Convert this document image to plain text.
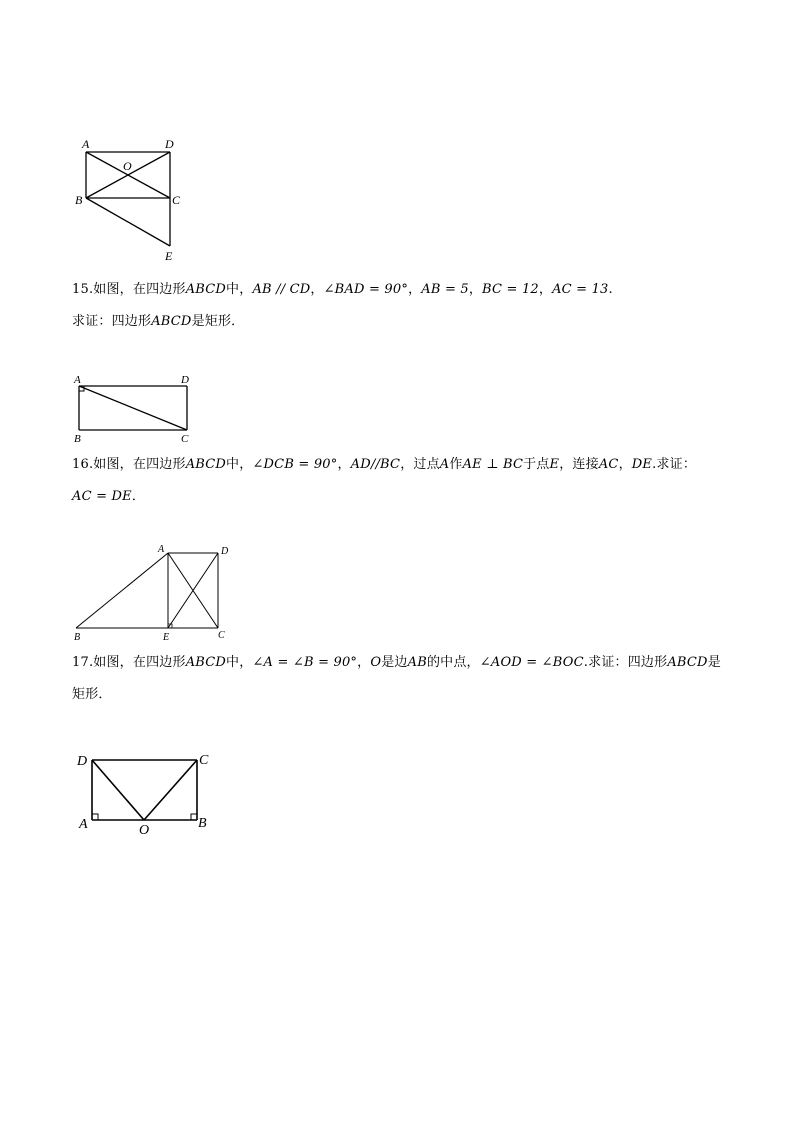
A	D
O
B	C
E
15.如图，在四边形ABCD中，AB // CD，∠BAD = 90°，AB = 5，BC = 12，AC = 13.
求证：四边形ABCD是矩形．
A	D
B	C
16.如图，在四边形ABCD中，∠DCB = 90°，AD//BC，过点A作AE ⊥ BC于点E，连接AC，DE.求证：
AC = DE．
A	D
B	E	C
17.如图，在四边形ABCD中，∠A = ∠B = 90°，O是边AB的中点，∠AOD = ∠BOC.求证：四边形ABCD是
矩形．
D	C
A	O	B
